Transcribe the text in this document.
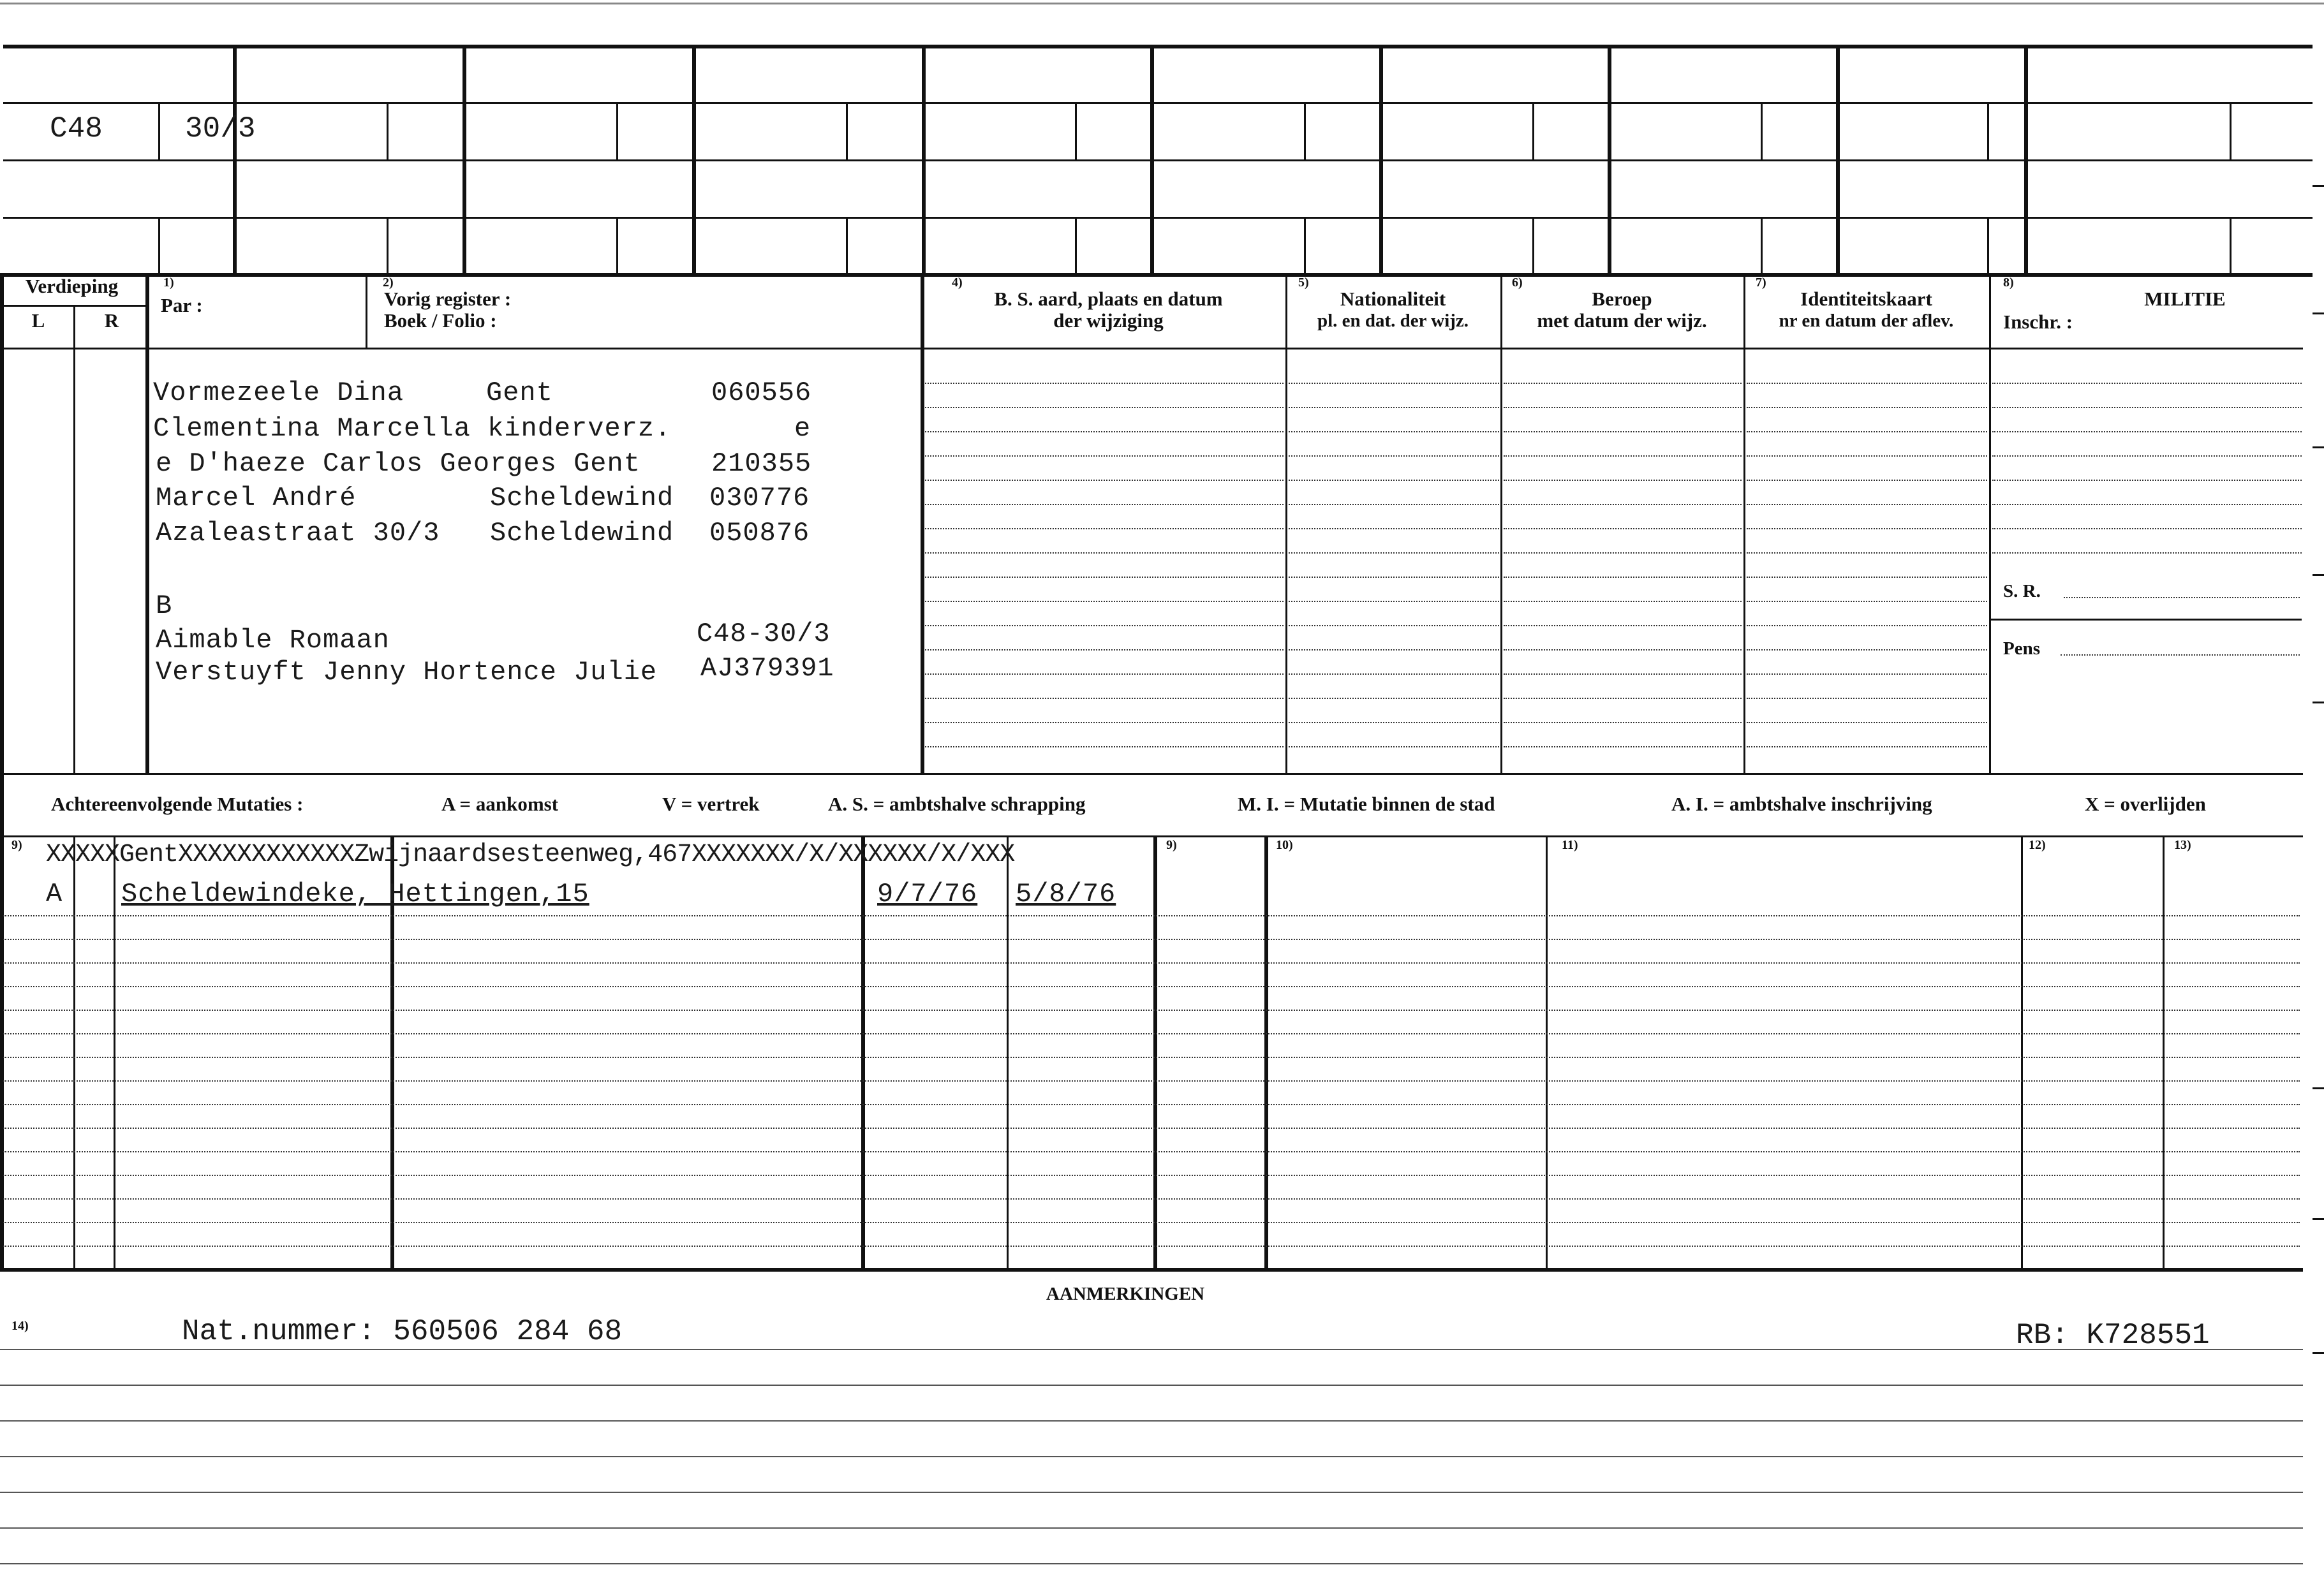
C48	30/3
Verdieping
L	R
1)
Par :
2)
Vorig register :
Boek / Folio :
4)
B. S. aard, plaats en datum
der wijziging
5)
Nationaliteit
pl. en dat. der wijz.
6)
Beroep
met datum der wijz.
7)
Identiteitskaart
nr en datum der aflev.
8)
MILITIE
Inschr. :
Vormezeele Dina	Gent	060556
Clementina Marcella kinderverz.	e
e D'haeze Carlos Georges Gent	210355
Marcel André	Scheldewind 030776
Azaleastraat 30/3 Scheldewind 050876
B
Aimable Romaan	C48-30/3
Verstuyft Jenny Hortence Julie AJ379391
S. R.
Pens
Achtereenvolgende Mutaties :	A = aankomst	V = vertrek	A. S. = ambtshalve schrapping	M. I. = Mutatie binnen de stad	A. I. = ambtshalve inschrijving	X = overlijden
9)	9)	10)	11)	12)	13)
XXXXXGentXXXXXXXXXXXXZwijnaardsesteenweg,467XXXXXXX/X/XXXXXX/X/XXX
A Scheldewindeke, Hettingen,15	9/7/76 5/8/76
AANMERKINGEN
14)	Nat.nummer: 560506 284 68	RB: K728551
